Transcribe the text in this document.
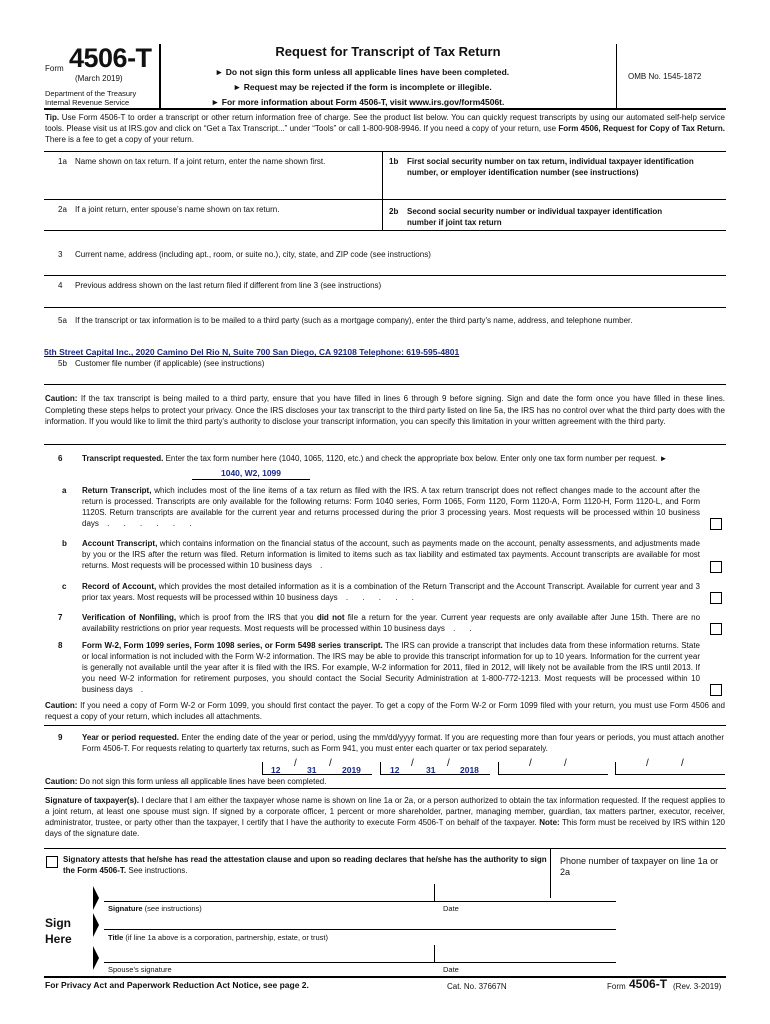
Form 4506-T
(March 2019)
Department of the Treasury
Internal Revenue Service
Request for Transcript of Tax Return
► Do not sign this form unless all applicable lines have been completed.
► Request may be rejected if the form is incomplete or illegible.
► For more information about Form 4506-T, visit www.irs.gov/form4506t.
OMB No. 1545-1872
Tip. Use Form 4506-T to order a transcript or other return information free of charge. See the product list below. You can quickly request transcripts by using our automated self-help service tools. Please visit us at IRS.gov and click on “Get a Tax Transcript...” under “Tools” or call 1-800-908-9946. If you need a copy of your return, use Form 4506, Request for Copy of Tax Return. There is a fee to get a copy of your return.
1a Name shown on tax return. If a joint return, enter the name shown first.	1b First social security number on tax return, individual taxpayer identification number, or employer identification number (see instructions)
2a If a joint return, enter spouse’s name shown on tax return.	2b Second social security number or individual taxpayer identification number if joint tax return
3 Current name, address (including apt., room, or suite no.), city, state, and ZIP code (see instructions)
4 Previous address shown on the last return filed if different from line 3 (see instructions)
5a If the transcript or tax information is to be mailed to a third party (such as a mortgage company), enter the third party’s name, address, and telephone number.
5th Street Capital Inc., 2020 Camino Del Rio N, Suite 700 San Diego, CA 92108 Telephone: 619-595-4801
5b Customer file number (if applicable) (see instructions)
Caution: If the tax transcript is being mailed to a third party, ensure that you have filled in lines 6 through 9 before signing. Sign and date the form once you have filled in these lines. Completing these steps helps to protect your privacy. Once the IRS discloses your tax transcript to the third party listed on line 5a, the IRS has no control over what the third party does with the information. If you would like to limit the third party’s authority to disclose your transcript information, you can specify this limitation in your written agreement with the third party.
6 Transcript requested. Enter the tax form number here (1040, 1065, 1120, etc.) and check the appropriate box below. Enter only one tax form number per request. ►
1040, W2, 1099
a Return Transcript, which includes most of the line items of a tax return as filed with the IRS. A tax return transcript does not reflect changes made to the account after the return is processed. Transcripts are only available for the following returns: Form 1040 series, Form 1065, Form 1120, Form 1120-A, Form 1120-H, Form 1120-L, and Form 1120S. Return transcripts are available for the current year and returns processed during the prior 3 processing years. Most requests will be processed within 10 business days . . . . . .
b Account Transcript, which contains information on the financial status of the account, such as payments made on the account, penalty assessments, and adjustments made by you or the IRS after the return was filed. Return information is limited to items such as tax liability and estimated tax payments. Account transcripts are available for most returns. Most requests will be processed within 10 business days .
c Record of Account, which provides the most detailed information as it is a combination of the Return Transcript and the Account Transcript. Available for current year and 3 prior tax years. Most requests will be processed within 10 business days . . . . .
7 Verification of Nonfiling, which is proof from the IRS that you did not file a return for the year. Current year requests are only available after June 15th. There are no availability restrictions on prior year requests. Most requests will be processed within 10 business days . .
8 Form W-2, Form 1099 series, Form 1098 series, or Form 5498 series transcript. The IRS can provide a transcript that includes data from these information returns. State or local information is not included with the Form W-2 information. The IRS may be able to provide this transcript information for up to 10 years. Information for the current year is generally not available until the year after it is filed with the IRS. For example, W-2 information for 2011, filed in 2012, will likely not be available from the IRS until 2013. If you need W-2 information for retirement purposes, you should contact the Social Security Administration at 1-800-772-1213. Most requests will be processed within 10 business days .
Caution: If you need a copy of Form W-2 or Form 1099, you should first contact the payer. To get a copy of the Form W-2 or Form 1099 filed with your return, you must use Form 4506 and request a copy of your return, which includes all attachments.
9 Year or period requested. Enter the ending date of the year or period, using the mm/dd/yyyy format. If you are requesting more than four years or periods, you must attach another Form 4506-T. For requests relating to quarterly tax returns, such as Form 941, you must enter each quarter or tax period separately.
12
/
31
/
2019	12
/
31
/
2018
/	/	/	/
Caution: Do not sign this form unless all applicable lines have been completed.
Signature of taxpayer(s). I declare that I am either the taxpayer whose name is shown on line 1a or 2a, or a person authorized to obtain the tax information requested. If the request applies to a joint return, at least one spouse must sign. If signed by a corporate officer, 1 percent or more shareholder, partner, managing member, guardian, tax matters partner, executor, receiver, administrator, trustee, or party other than the taxpayer, I certify that I have the authority to execute Form 4506-T on behalf of the taxpayer. Note: This form must be received by IRS within 120 days of the signature date.
Signatory attests that he/she has read the attestation clause and upon so reading declares that he/she has the authority to sign the Form 4506-T. See instructions.
Phone number of taxpayer on line 1a or 2a
Sign
Here
Signature (see instructions)	Date
Title (if line 1a above is a corporation, partnership, estate, or trust)
Spouse’s signature	Date
For Privacy Act and Paperwork Reduction Act Notice, see page 2.	Cat. No. 37667N	Form 4506-T (Rev. 3-2019)
